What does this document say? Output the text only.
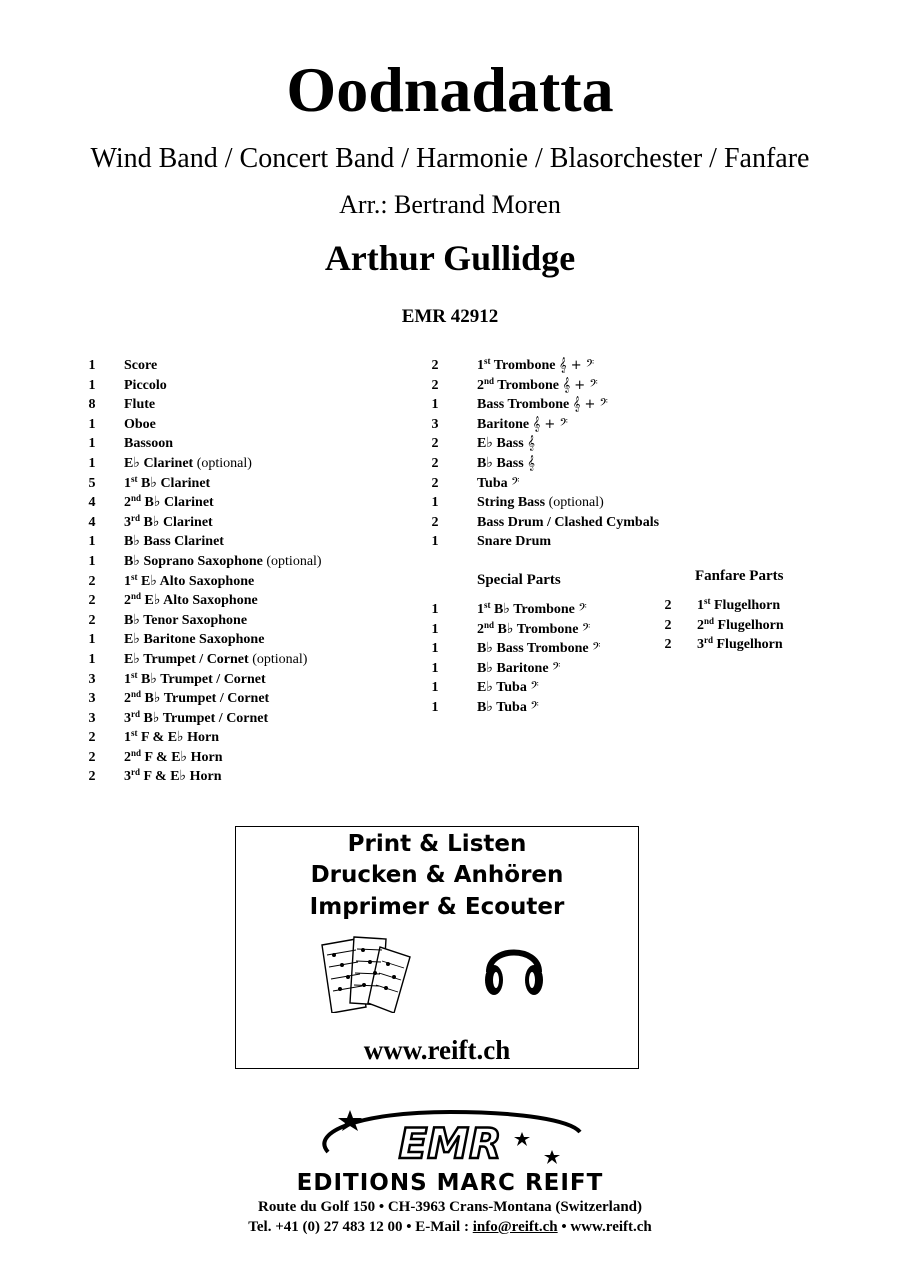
Oodnadatta
Wind Band / Concert Band / Harmonie / Blasorchester / Fanfare
Arr.: Bertrand Moren
Arthur Gullidge
EMR 42912
1 Score
1 Piccolo
8 Flute
1 Oboe
1 Bassoon
1 E♭ Clarinet (optional)
5 1st B♭ Clarinet
4 2nd B♭ Clarinet
4 3rd B♭ Clarinet
1 B♭ Bass Clarinet
1 B♭ Soprano Saxophone (optional)
2 1st E♭ Alto Saxophone
2 2nd E♭ Alto Saxophone
2 B♭ Tenor Saxophone
1 E♭ Baritone Saxophone
1 E♭ Trumpet / Cornet (optional)
3 1st B♭ Trumpet / Cornet
3 2nd B♭ Trumpet / Cornet
3 3rd B♭ Trumpet / Cornet
2 1st F & E♭ Horn
2 2nd F & E♭ Horn
2 3rd F & E♭ Horn
2	1st Trombone 𝄞 + 𝄢
2	2nd Trombone 𝄞 + 𝄢
1	Bass Trombone 𝄞 + 𝄢
3	Baritone 𝄞 + 𝄢
2	E♭ Bass 𝄞
2	B♭ Bass 𝄞
2	Tuba 𝄢
1	String Bass (optional)
2	Bass Drum / Clashed Cymbals
1	Snare Drum
Special Parts
1	1st B♭ Trombone 𝄢
1	2nd B♭ Trombone 𝄢
1	B♭ Bass Trombone 𝄢
1	B♭ Baritone 𝄢
1	E♭ Tuba 𝄢
1	B♭ Tuba 𝄢
Fanfare Parts
2 1st Flugelhorn
2 2nd Flugelhorn
2 3rd Flugelhorn
Print & Listen
Drucken & Anhören
Imprimer & Ecouter
www.reift.ch
EMR
EDITIONS MARC REIFT
Route du Golf 150 • CH-3963 Crans-Montana (Switzerland)
Tel. +41 (0) 27 483 12 00 • E-Mail : info@reift.ch • www.reift.ch
